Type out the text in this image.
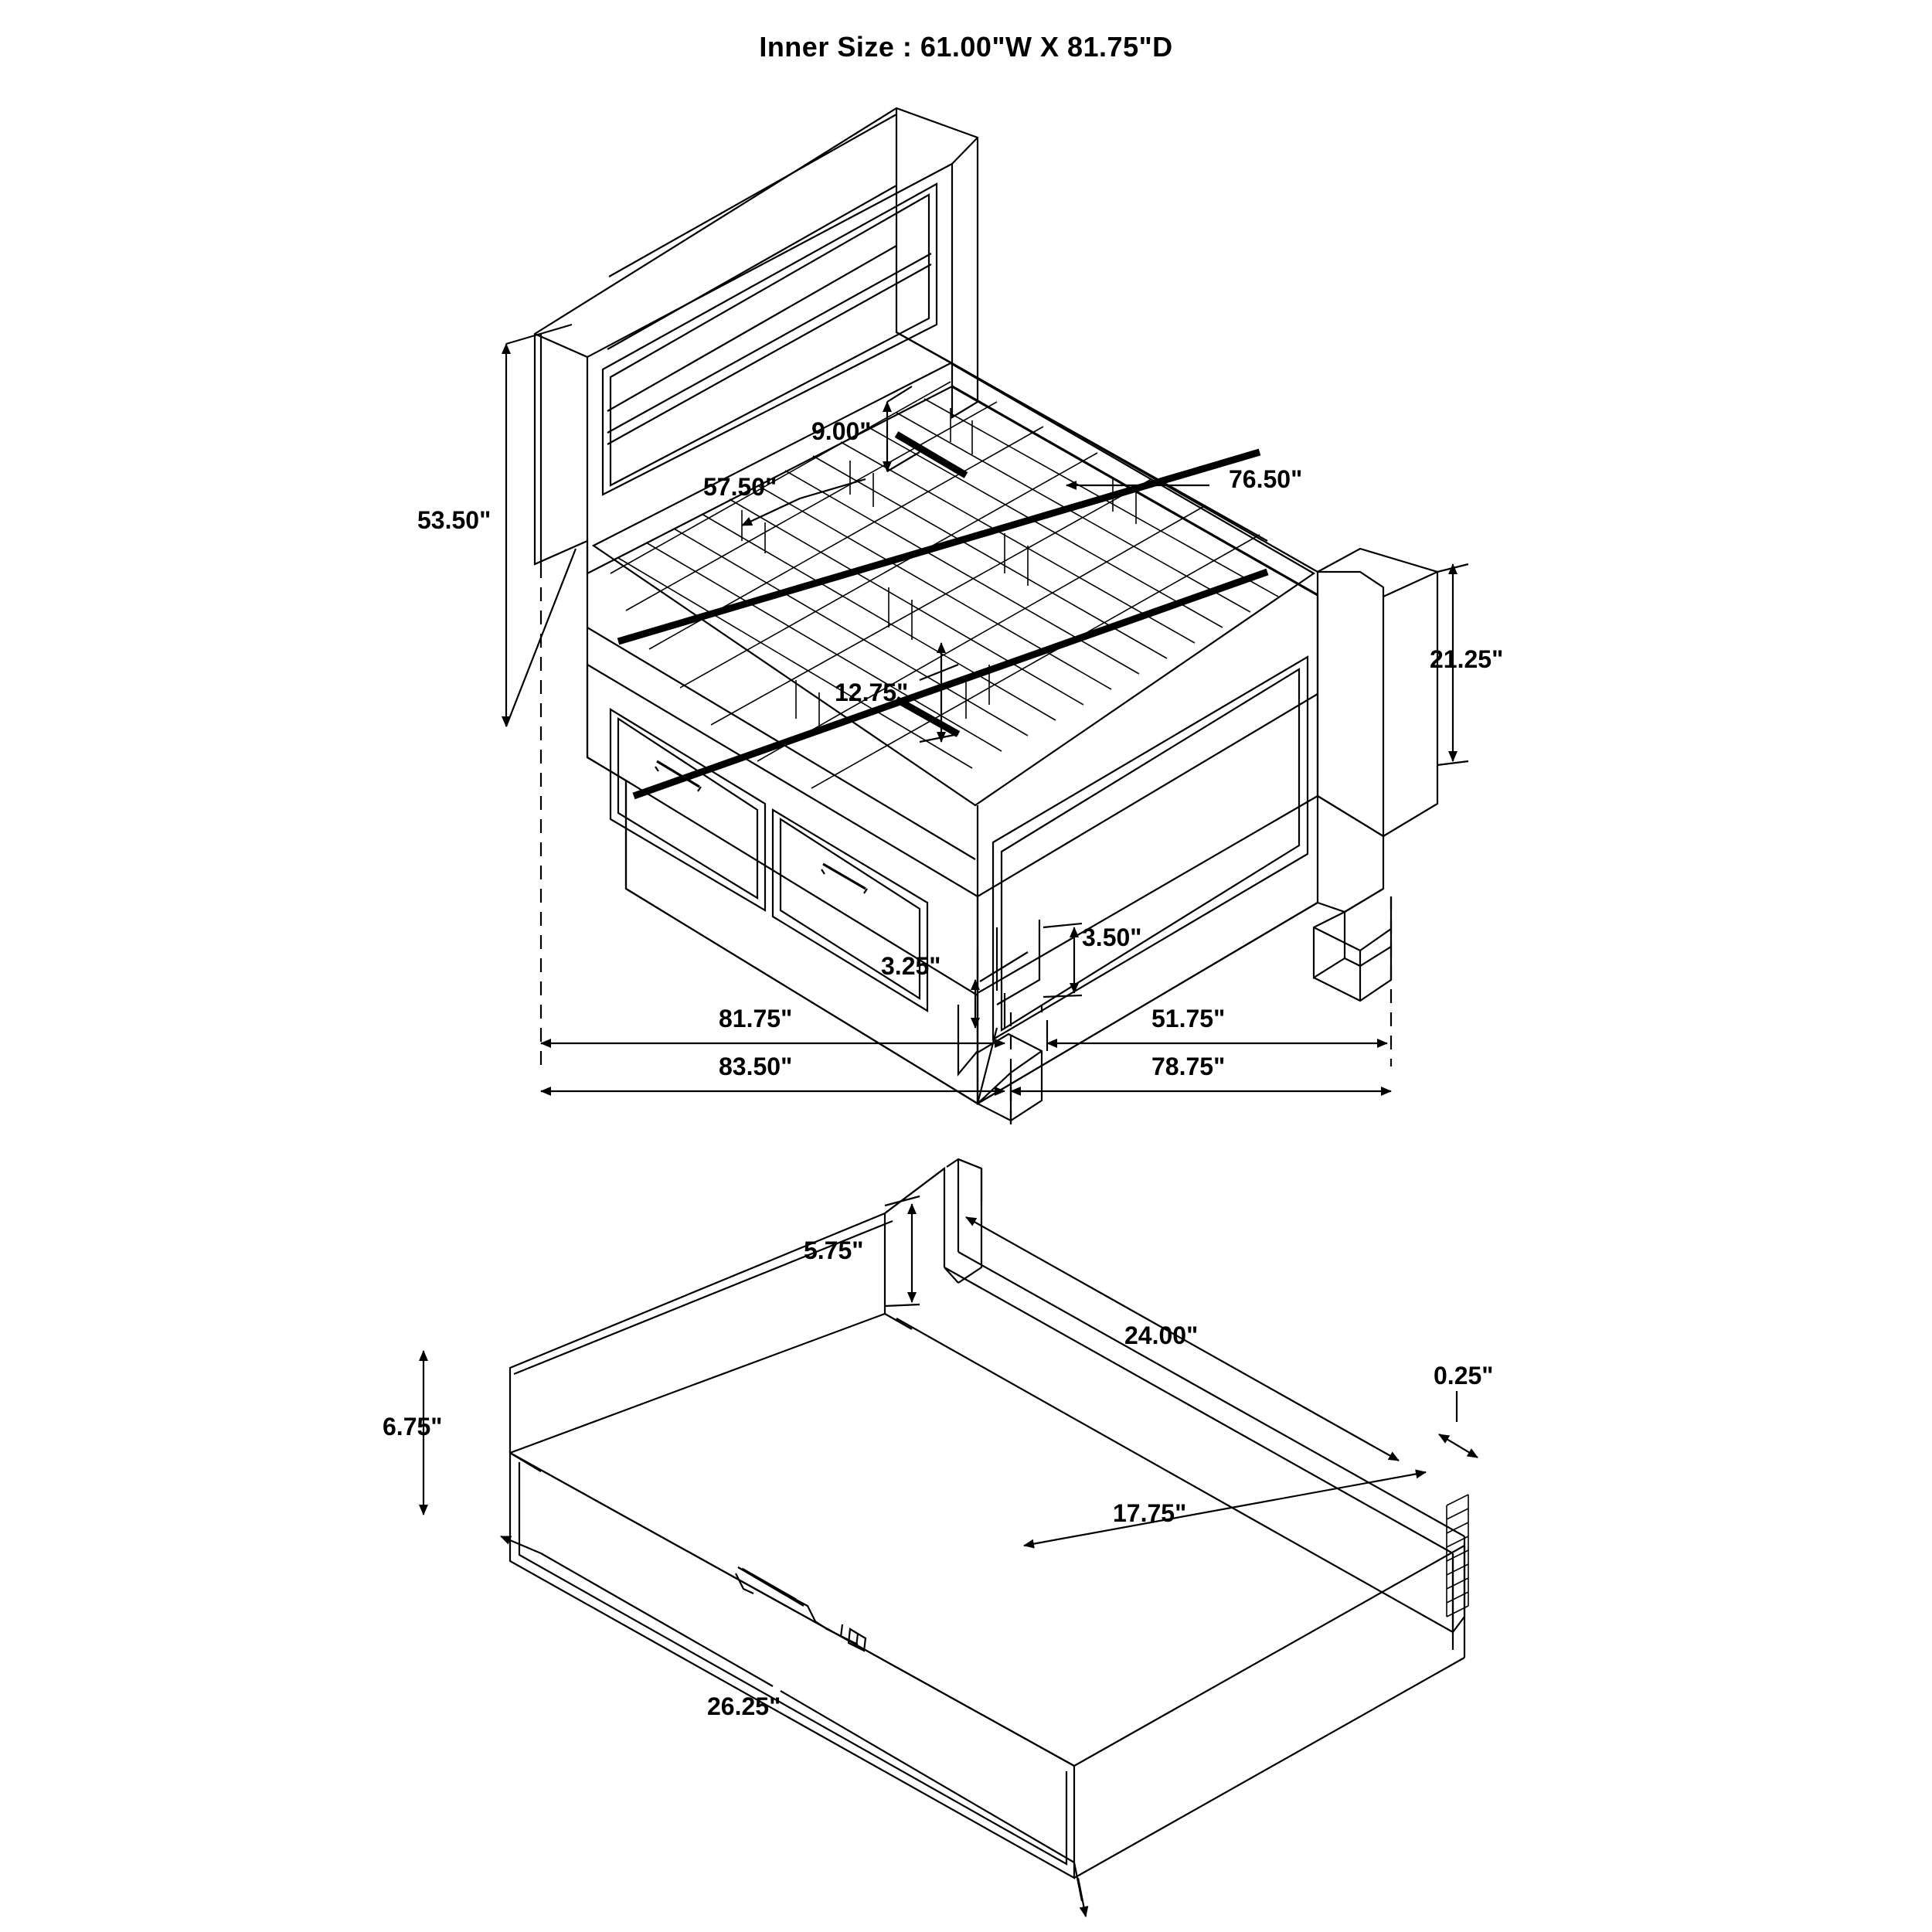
Inner Size : 61.00"W X 81.75"D
53.50"
9.00"
57.50"	76.50"
21.25"
12.75"
3.50"
3.25"
81.75"
83.50"
51.75"
78.75"
5.75"
24.00"
0.25"
17.75"
6.75"
26.25"
